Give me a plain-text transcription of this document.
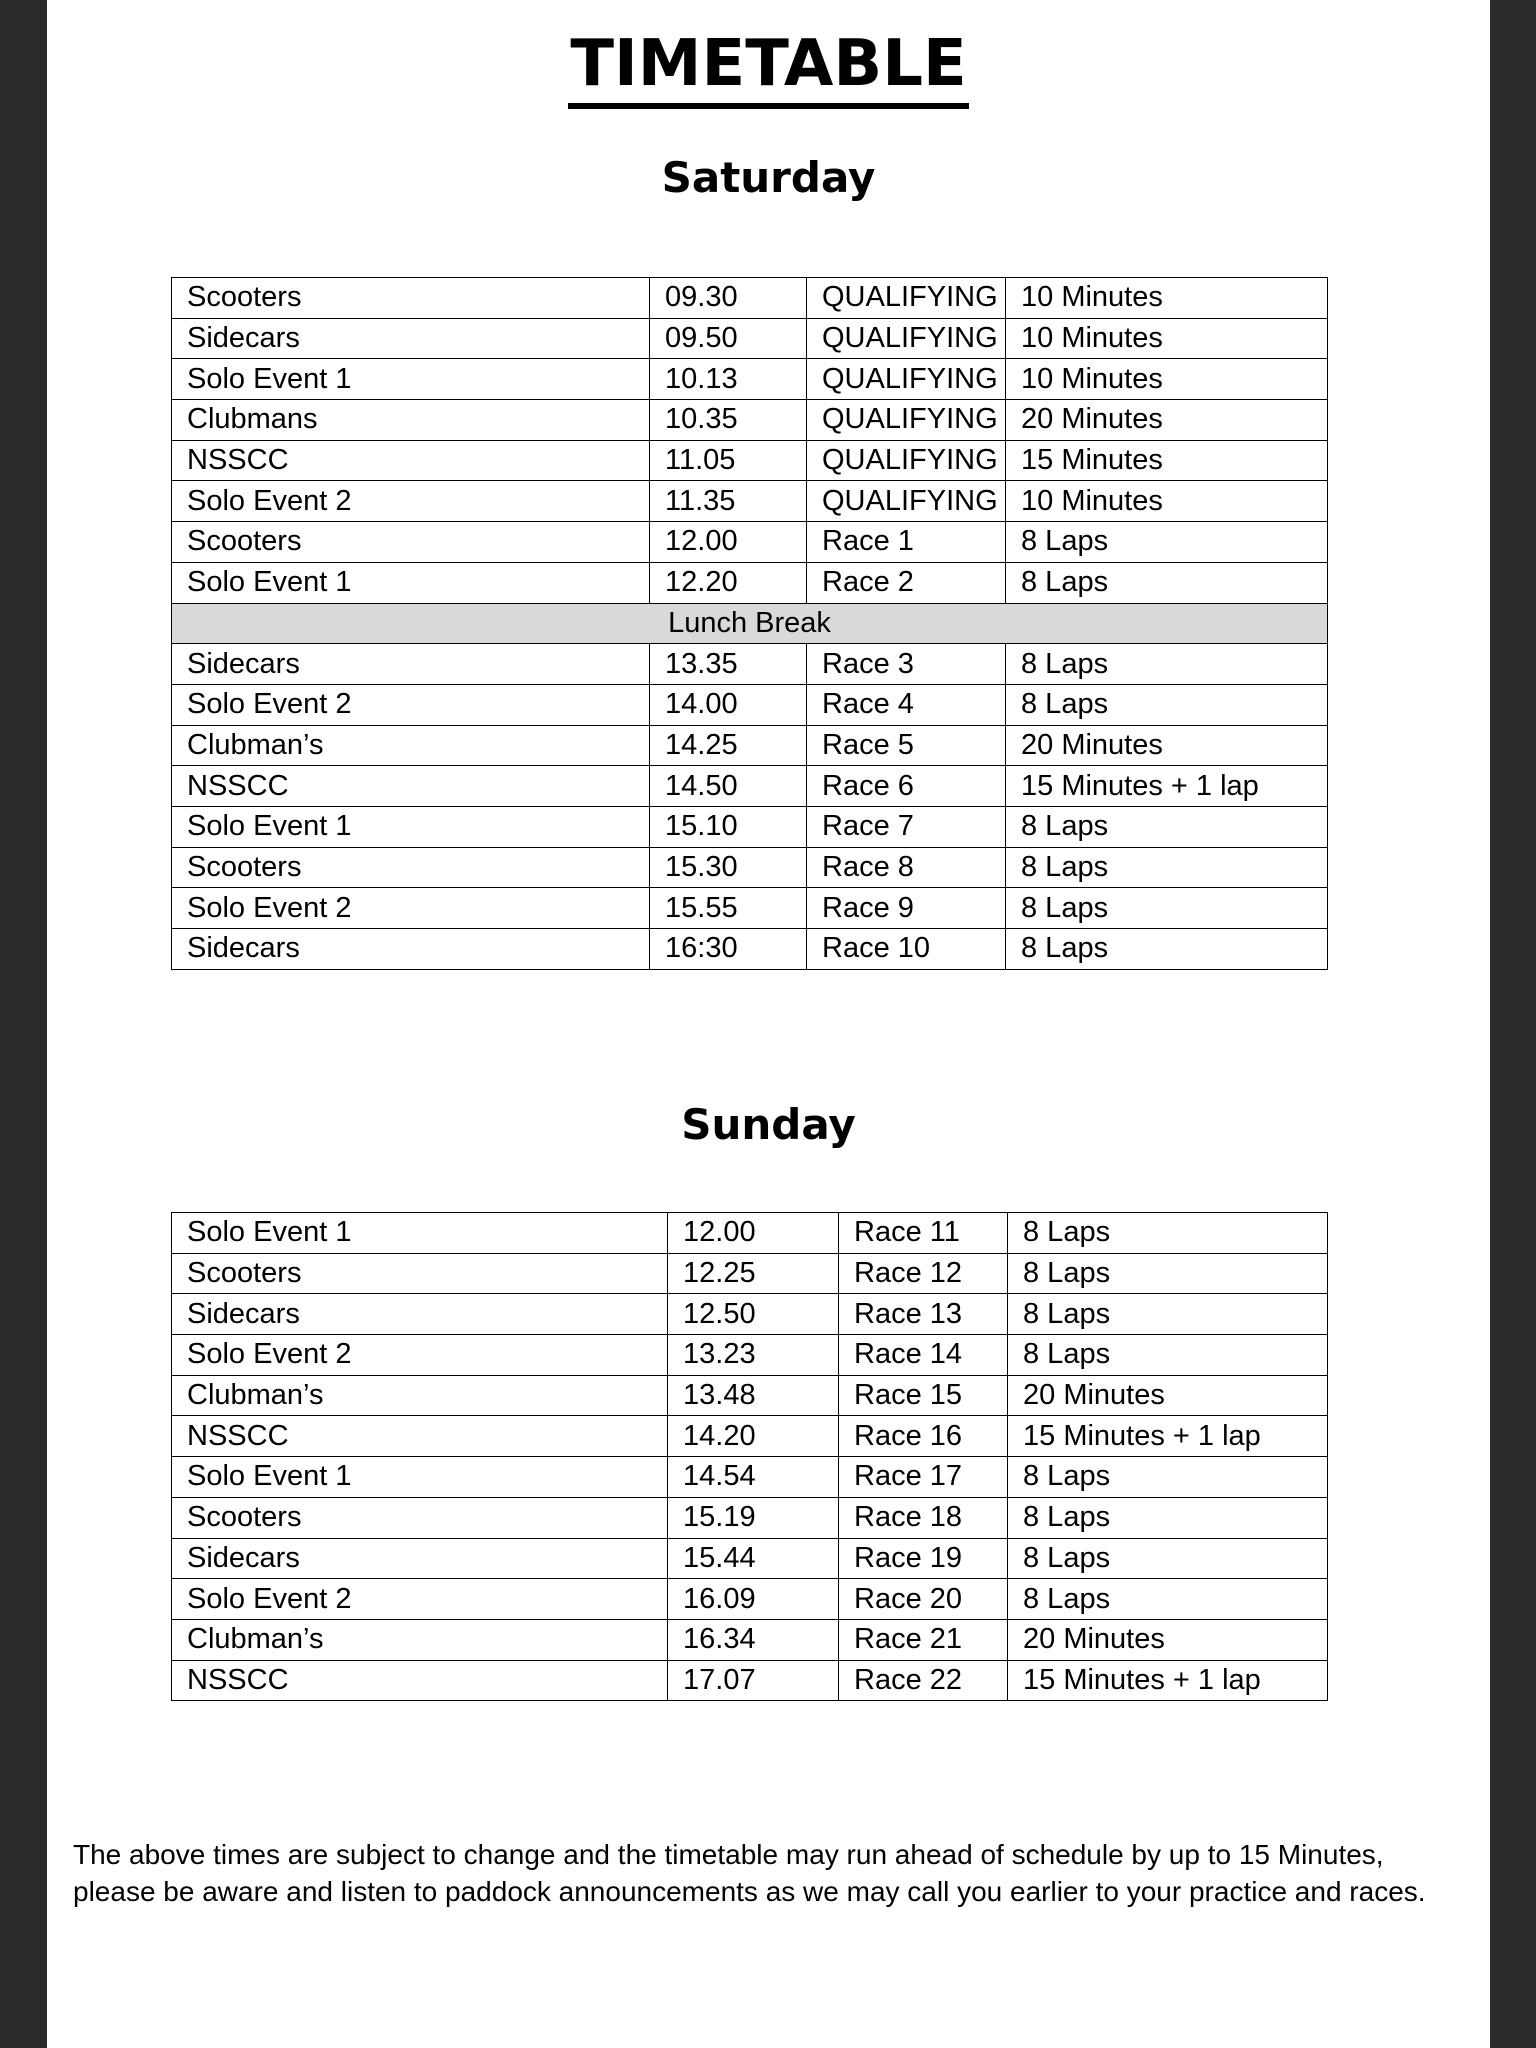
TIMETABLE
Saturday
Scooters	09.30	QUALIFYING	10 Minutes
Sidecars	09.50	QUALIFYING	10 Minutes
Solo Event 1	10.13	QUALIFYING	10 Minutes
Clubmans	10.35	QUALIFYING	20 Minutes
NSSCC	11.05	QUALIFYING	15 Minutes
Solo Event 2	11.35	QUALIFYING	10 Minutes
Scooters	12.00	Race 1	8 Laps
Solo Event 1	12.20	Race 2	8 Laps
Lunch Break			
Sidecars	13.35	Race 3	8 Laps
Solo Event 2	14.00	Race 4	8 Laps
Clubman’s	14.25	Race 5	20 Minutes
NSSCC	14.50	Race 6	15 Minutes + 1 lap
Solo Event 1	15.10	Race 7	8 Laps
Scooters	15.30	Race 8	8 Laps
Solo Event 2	15.55	Race 9	8 Laps
Sidecars	16:30	Race 10	8 Laps
Sunday
Solo Event 1	12.00	Race 11	8 Laps
Scooters	12.25	Race 12	8 Laps
Sidecars	12.50	Race 13	8 Laps
Solo Event 2	13.23	Race 14	8 Laps
Clubman’s	13.48	Race 15	20 Minutes
NSSCC	14.20	Race 16	15 Minutes + 1 lap
Solo Event 1	14.54	Race 17	8 Laps
Scooters	15.19	Race 18	8 Laps
Sidecars	15.44	Race 19	8 Laps
Solo Event 2	16.09	Race 20	8 Laps
Clubman’s	16.34	Race 21	20 Minutes
NSSCC	17.07	Race 22	15 Minutes + 1 lap

The above times are subject to change and the timetable may run ahead of schedule by up to 15 Minutes,
please be aware and listen to paddock announcements as we may call you earlier to your practice and races.
